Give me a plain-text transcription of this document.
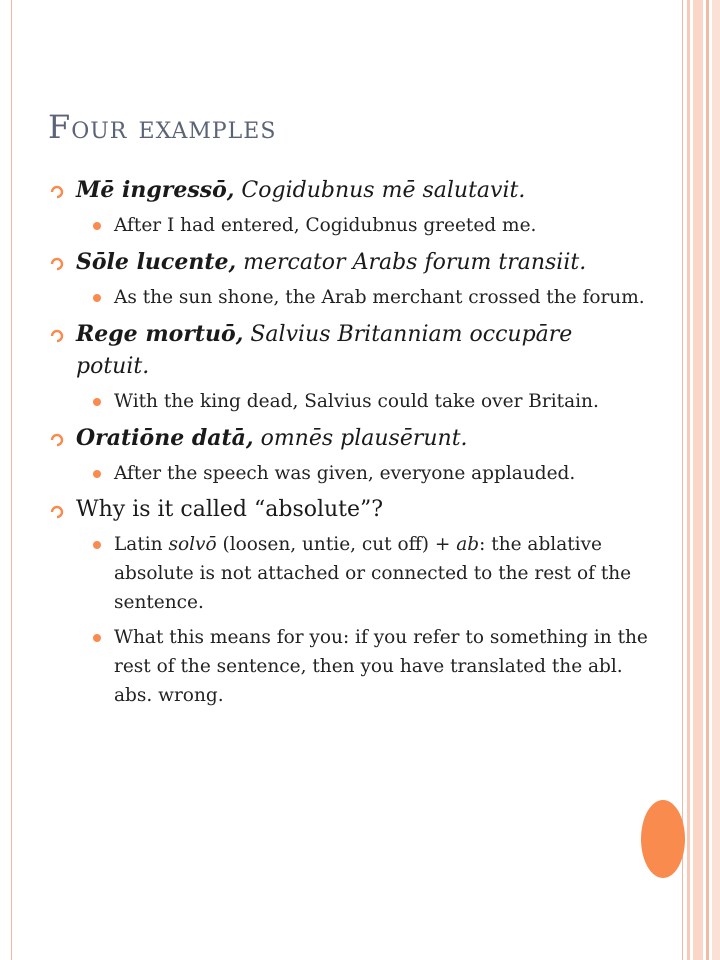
Four examples
Mē ingressō, Cogidubnus mē salutavit.
After I had entered, Cogidubnus greeted me.
Sōle lucente, mercator Arabs forum transiit.
As the sun shone, the Arab merchant crossed the forum.
Rege mortuō, Salvius Britanniam occupāre potuit.
With the king dead, Salvius could take over Britain.
Oratiōne datā, omnēs plausērunt.
After the speech was given, everyone applauded.
Why is it called “absolute”?
Latin solvō (loosen, untie, cut off) + ab: the ablative absolute is not attached or connected to the rest of the sentence.
What this means for you: if you refer to something in the rest of the sentence, then you have translated the abl. abs. wrong.
